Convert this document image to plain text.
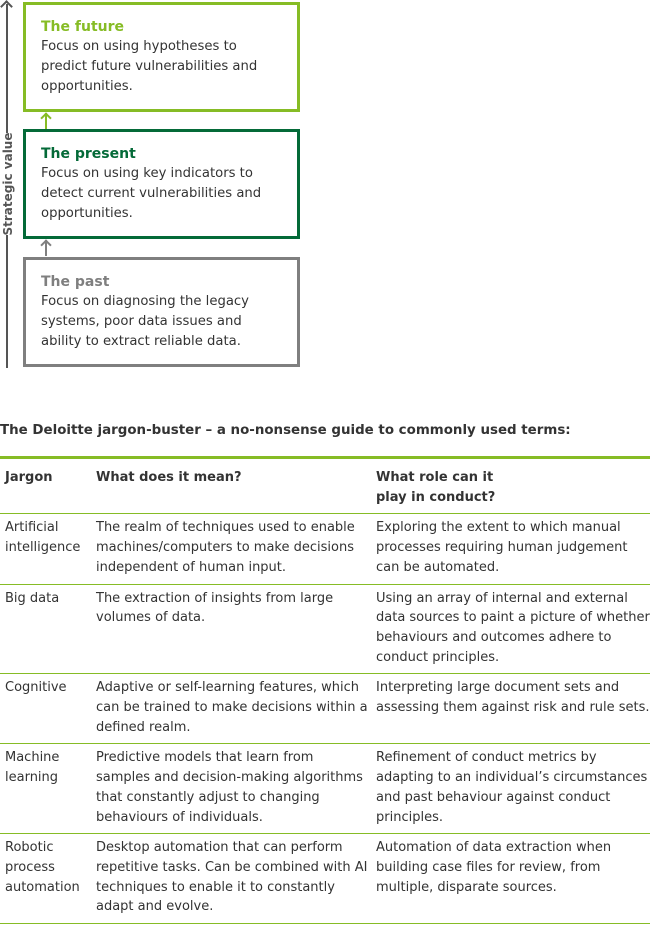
Strategic value
The future
Focus on using hypotheses to predict future vulnerabilities and opportunities.
The present
Focus on using key indicators to detect current vulnerabilities and opportunities.
The past
Focus on diagnosing the legacy systems, poor data issues and ability to extract reliable data.
The Deloitte jargon-buster – a no-nonsense guide to commonly used terms:
Jargon	What does it mean?	What role can it play in conduct?

Artificial intelligence	The realm of techniques used to enable machines/computers to make decisions independent of human input.	Exploring the extent to which manual processes requiring human judgement can be automated.
Big data	The extraction of insights from large volumes of data.	Using an array of internal and external data sources to paint a picture of whether behaviours and outcomes adhere to conduct principles.
Cognitive	Adaptive or self-learning features, which can be trained to make decisions within a defined realm.	Interpreting large document sets and assessing them against risk and rule sets.
Machine learning	Predictive models that learn from samples and decision-making algorithms that constantly adjust to changing behaviours of individuals.	Refinement of conduct metrics by adapting to an individual’s circumstances and past behaviour against conduct principles.
Robotic process automation	Desktop automation that can perform repetitive tasks. Can be combined with AI techniques to enable it to constantly adapt and evolve.	Automation of data extraction when building case files for review, from multiple, disparate sources.
